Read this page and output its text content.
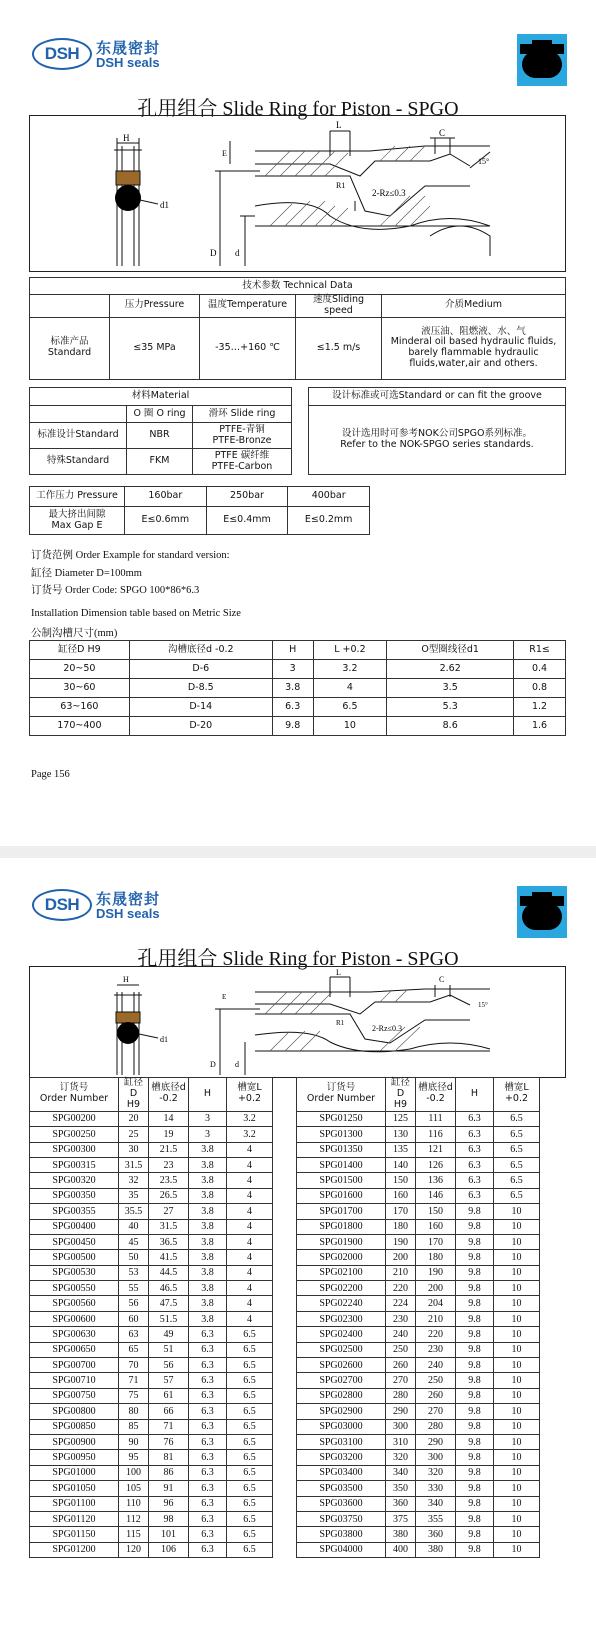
DSH	东晟密封
DSH seals
孔用组合 Slide Ring for Piston - SPGO
H
d1
L
C
R1
2-Rz≤0.3
E
D d
15°
技术参数 Technical Data				
	压力Pressure	温度Temperature	速度Sliding speed	介质Medium
标准产品
Standard	≤35 MPa	-35…+160 ℃	≤1.5 m/s	液压油、阻燃液、水、气
Minderal oil based hydraulic fluids,
barely flammable hydraulic
fluids,water,air and others.
材料Material		
	O 圈 O ring	滑环 Slide ring
标准设计Standard	NBR	PTFE-青铜
PTFE-Bronze
特殊Standard	FKM	PTFE 碳纤维
PTFE-Carbon
设计标准或可选Standard or can fit the groove
设计选用时可参考NOK公司SPGO系列标准。
Refer to the NOK-SPGO series standards.
工作压力 Pressure	160bar	250bar	400bar
最大挤出间隙
Max Gap E	E≤0.6mm	E≤0.4mm	E≤0.2mm
订货范例 Order Example for standard version:
缸径 Diameter D=100mm
订货号 Order Code: SPGO 100*86*6.3
Installation Dimension table based on Metric Size
公制沟槽尺寸(mm)
缸径D H9	沟槽底径d -0.2	H	L +0.2	O型圈线径d1	R1≤
20~50	D-6	3	3.2	2.62	0.4
30~60	D-8.5	3.8	4	3.5	0.8
63~160	D-14	6.3	6.5	5.3	1.2
170~400	D-20	9.8	10	8.6	1.6
Page 156
DSH	东晟密封
DSH seals
孔用组合 Slide Ring for Piston - SPGO
H
d1
L
C
R1
2-Rz≤0.3
E
D d
15°
订货号
Order Number	缸径D
H9	槽底径d
-0.2	H	槽宽L
+0.2
SPG00200	20	14	3	3.2
SPG00250	25	19	3	3.2
SPG00300	30	21.5	3.8	4
SPG00315	31.5	23	3.8	4
SPG00320	32	23.5	3.8	4
SPG00350	35	26.5	3.8	4
SPG00355	35.5	27	3.8	4
SPG00400	40	31.5	3.8	4
SPG00450	45	36.5	3.8	4
SPG00500	50	41.5	3.8	4
SPG00530	53	44.5	3.8	4
SPG00550	55	46.5	3.8	4
SPG00560	56	47.5	3.8	4
SPG00600	60	51.5	3.8	4
SPG00630	63	49	6.3	6.5
SPG00650	65	51	6.3	6.5
SPG00700	70	56	6.3	6.5
SPG00710	71	57	6.3	6.5
SPG00750	75	61	6.3	6.5
SPG00800	80	66	6.3	6.5
SPG00850	85	71	6.3	6.5
SPG00900	90	76	6.3	6.5
SPG00950	95	81	6.3	6.5
SPG01000	100	86	6.3	6.5
SPG01050	105	91	6.3	6.5
SPG01100	110	96	6.3	6.5
SPG01120	112	98	6.3	6.5
SPG01150	115	101	6.3	6.5
SPG01200	120	106	6.3	6.5
订货号
Order Number	缸径D
H9	槽底径d
-0.2	H	槽宽L
+0.2
SPG01250	125	111	6.3	6.5
SPG01300	130	116	6.3	6.5
SPG01350	135	121	6.3	6.5
SPG01400	140	126	6.3	6.5
SPG01500	150	136	6.3	6.5
SPG01600	160	146	6.3	6.5
SPG01700	170	150	9.8	10
SPG01800	180	160	9.8	10
SPG01900	190	170	9.8	10
SPG02000	200	180	9.8	10
SPG02100	210	190	9.8	10
SPG02200	220	200	9.8	10
SPG02240	224	204	9.8	10
SPG02300	230	210	9.8	10
SPG02400	240	220	9.8	10
SPG02500	250	230	9.8	10
SPG02600	260	240	9.8	10
SPG02700	270	250	9.8	10
SPG02800	280	260	9.8	10
SPG02900	290	270	9.8	10
SPG03000	300	280	9.8	10
SPG03100	310	290	9.8	10
SPG03200	320	300	9.8	10
SPG03400	340	320	9.8	10
SPG03500	350	330	9.8	10
SPG03600	360	340	9.8	10
SPG03750	375	355	9.8	10
SPG03800	380	360	9.8	10
SPG04000	400	380	9.8	10
